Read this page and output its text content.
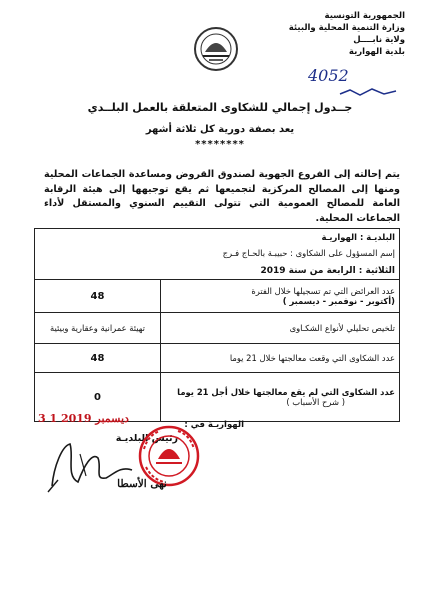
الجمهورية التونسية
وزارة التنمية المحلية والبيئة
ولاية نابــــل
بلدية الهوارية
4052
جــدول إجمالي للشكاوى المتعلقة بالعمل البلــدي
يعد بصفة دورية كل ثلاثة أشهر
********
يتم إحالته إلى الفروع الجهوية لصندوق القروض ومساعدة الجماعات المحلية ومنها إلى المصالح المركزية لتجميعها ثم يقع توجيهها إلى هيئة الرقابة العامة للمصالح العمومية التي تتولى التقييم السنوي والمستقل لأداء الجماعات المحلية.
البلديـة : الهواريـة	
إسم المسؤول على الشكاوى : حبيبـة بالحـاج فـرج	
الثلاثية : الرابعة من سنة 2019	

عدد العرائض التي تم تسجيلها خلال الفترة
(أكتوبر - نوفمبر - ديسمبر )	48

تلخيص تحليلي لأنواع الشكـاوى	تهيئة عمرانية وعقارية وبيئية

عدد الشكاوى التي وقعت معالجتها خلال 21 يوما	48

عدد الشكاوى التي لم يقع معالجتها خلال أجل 21 يوما
( شرح الأسباب )	0
3 1 ديسمبر 2019	الهواريـة في :
رئيس البلديـة
نهى الأسطا
